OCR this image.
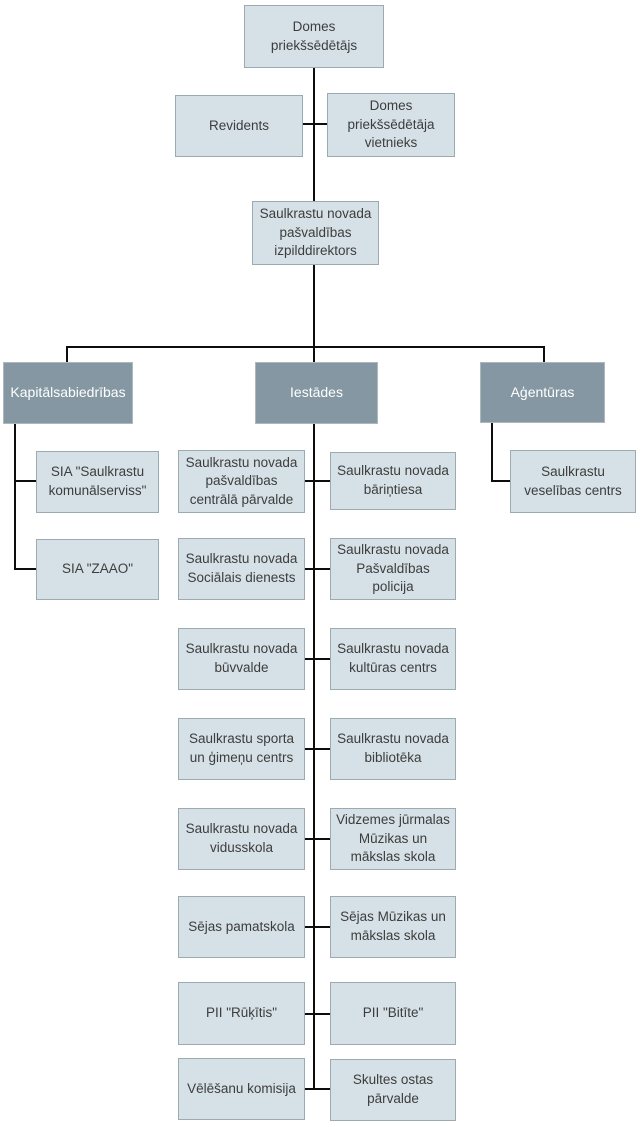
Domes priekšsēdētājs
Revidents
Domes priekšsēdētāja vietnieks
Saulkrastu novada pašvaldības izpilddirektors
Kapitālsabiedrības	Iestādes	Aģentūras
SIA "Saulkrastu komunālserviss"
SIA "ZAAO"
Saulkrastu veselības centrs
Saulkrastu novada pašvaldības centrālā pārvalde
Saulkrastu novada Sociālais dienests
Saulkrastu novada būvvalde
Saulkrastu sporta un ģimeņu centrs
Saulkrastu novada vidusskola
Sējas pamatskola
PII "Rūķītis"
Vēlēšanu komisija
Saulkrastu novada bāriņtiesa
Saulkrastu novada Pašvaldības policija
Saulkrastu novada kultūras centrs
Saulkrastu novada bibliotēka
Vidzemes jūrmalas Mūzikas un mākslas skola
Sējas Mūzikas un mākslas skola
PII "Bitīte"
Skultes ostas pārvalde
